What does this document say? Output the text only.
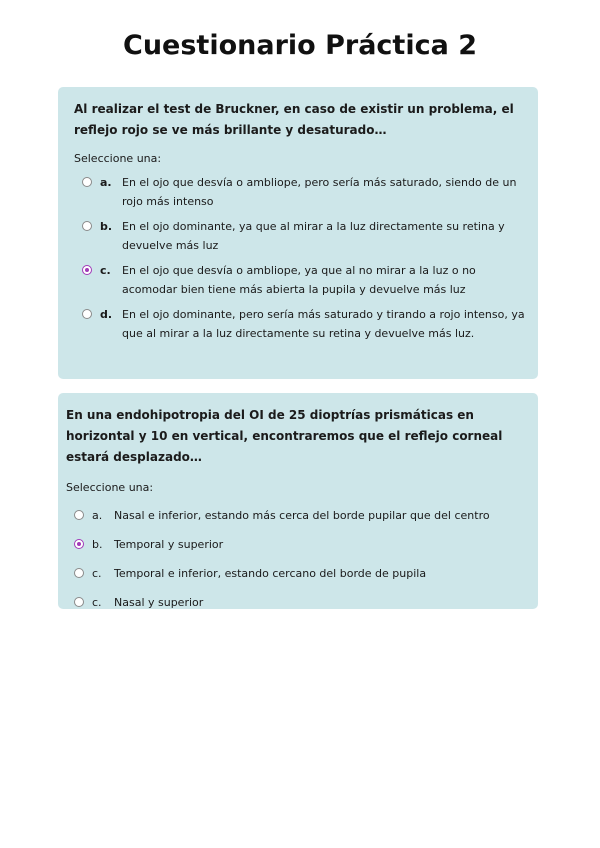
Cuestionario Práctica 2

Al realizar el test de Bruckner, en caso de existir un problema, el reflejo rojo se ve más brillante y desaturado…

Seleccione una:

a. En el ojo que desvía o ambliope, pero sería más saturado, siendo de un rojo más intenso
b. En el ojo dominante, ya que al mirar a la luz directamente su retina y devuelve más luz
c.	En el ojo que desvía o ambliope, ya que al no mirar a la luz o no acomodar bien tiene más abierta la pupila y devuelve más luz
d. En el ojo dominante, pero sería más saturado y tirando a rojo intenso, ya que al mirar a la luz directamente su retina y devuelve más luz.

En una endohipotropia del OI de 25 dioptrías prismáticas en horizontal y 10 en vertical, encontraremos que el reflejo corneal estará desplazado…

Seleccione una:

a.	Nasal e inferior, estando más cerca del borde pupilar que del centro
b.	Temporal y superior
c.	Temporal e inferior, estando cercano del borde de pupila
c.	Nasal y superior
